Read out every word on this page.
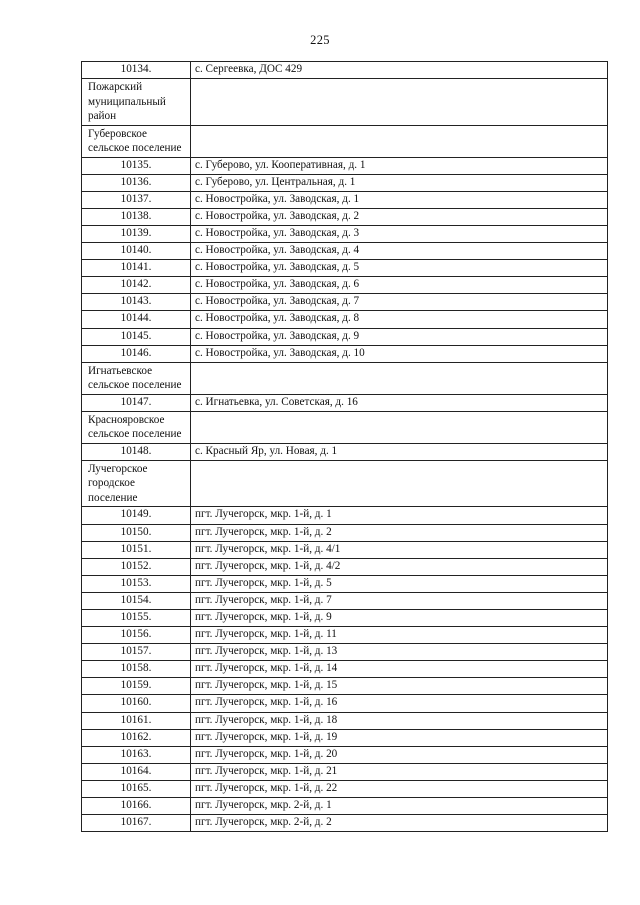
225
10134.	с. Сергеевка, ДОС 429
Пожарский муниципальный район	
Губеровское сельское поселение	
10135.	с. Губерово, ул. Кооперативная, д. 1
10136.	с. Губерово, ул. Центральная, д. 1
10137.	с. Новостройка, ул. Заводская, д. 1
10138.	с. Новостройка, ул. Заводская, д. 2
10139.	с. Новостройка, ул. Заводская, д. 3
10140.	с. Новостройка, ул. Заводская, д. 4
10141.	с. Новостройка, ул. Заводская, д. 5
10142.	с. Новостройка, ул. Заводская, д. 6
10143.	с. Новостройка, ул. Заводская, д. 7
10144.	с. Новостройка, ул. Заводская, д. 8
10145.	с. Новостройка, ул. Заводская, д. 9
10146.	с. Новостройка, ул. Заводская, д. 10
Игнатьевское сельское поселение	
10147.	с. Игнатьевка, ул. Советская, д. 16
Краснояровское сельское поселение	
10148.	с. Красный Яр, ул. Новая, д. 1
Лучегорское городское поселение	
10149.	пгт. Лучегорск, мкр. 1-й, д. 1
10150.	пгт. Лучегорск, мкр. 1-й, д. 2
10151.	пгт. Лучегорск, мкр. 1-й, д. 4/1
10152.	пгт. Лучегорск, мкр. 1-й, д. 4/2
10153.	пгт. Лучегорск, мкр. 1-й, д. 5
10154.	пгт. Лучегорск, мкр. 1-й, д. 7
10155.	пгт. Лучегорск, мкр. 1-й, д. 9
10156.	пгт. Лучегорск, мкр. 1-й, д. 11
10157.	пгт. Лучегорск, мкр. 1-й, д. 13
10158.	пгт. Лучегорск, мкр. 1-й, д. 14
10159.	пгт. Лучегорск, мкр. 1-й, д. 15
10160.	пгт. Лучегорск, мкр. 1-й, д. 16
10161.	пгт. Лучегорск, мкр. 1-й, д. 18
10162.	пгт. Лучегорск, мкр. 1-й, д. 19
10163.	пгт. Лучегорск, мкр. 1-й, д. 20
10164.	пгт. Лучегорск, мкр. 1-й, д. 21
10165.	пгт. Лучегорск, мкр. 1-й, д. 22
10166.	пгт. Лучегорск, мкр. 2-й, д. 1
10167.	пгт. Лучегорск, мкр. 2-й, д. 2
